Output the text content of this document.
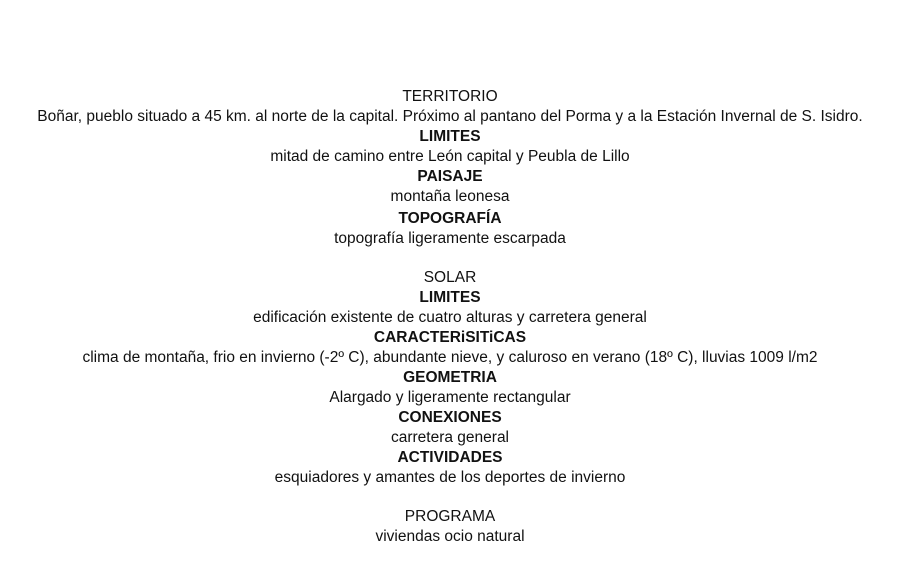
TERRITORIO
Boñar, pueblo situado a 45 km. al norte de la capital. Próximo al pantano del Porma y a la Estación Invernal de S. Isidro.
LIMITES
mitad de camino entre León capital y Peubla de Lillo
PAISAJE
montaña leonesa
TOPOGRAFÍA
topografía ligeramente escarpada
SOLAR
LIMITES
edificación existente de cuatro alturas y carretera general
CARACTERiSITiCAS
clima de montaña, frio en invierno (-2º C), abundante nieve, y caluroso en verano (18º C), lluvias 1009 l/m2
GEOMETRIA
Alargado y ligeramente rectangular
CONEXIONES
carretera general
ACTIVIDADES
esquiadores y amantes de los deportes de invierno
PROGRAMA
viviendas ocio natural
